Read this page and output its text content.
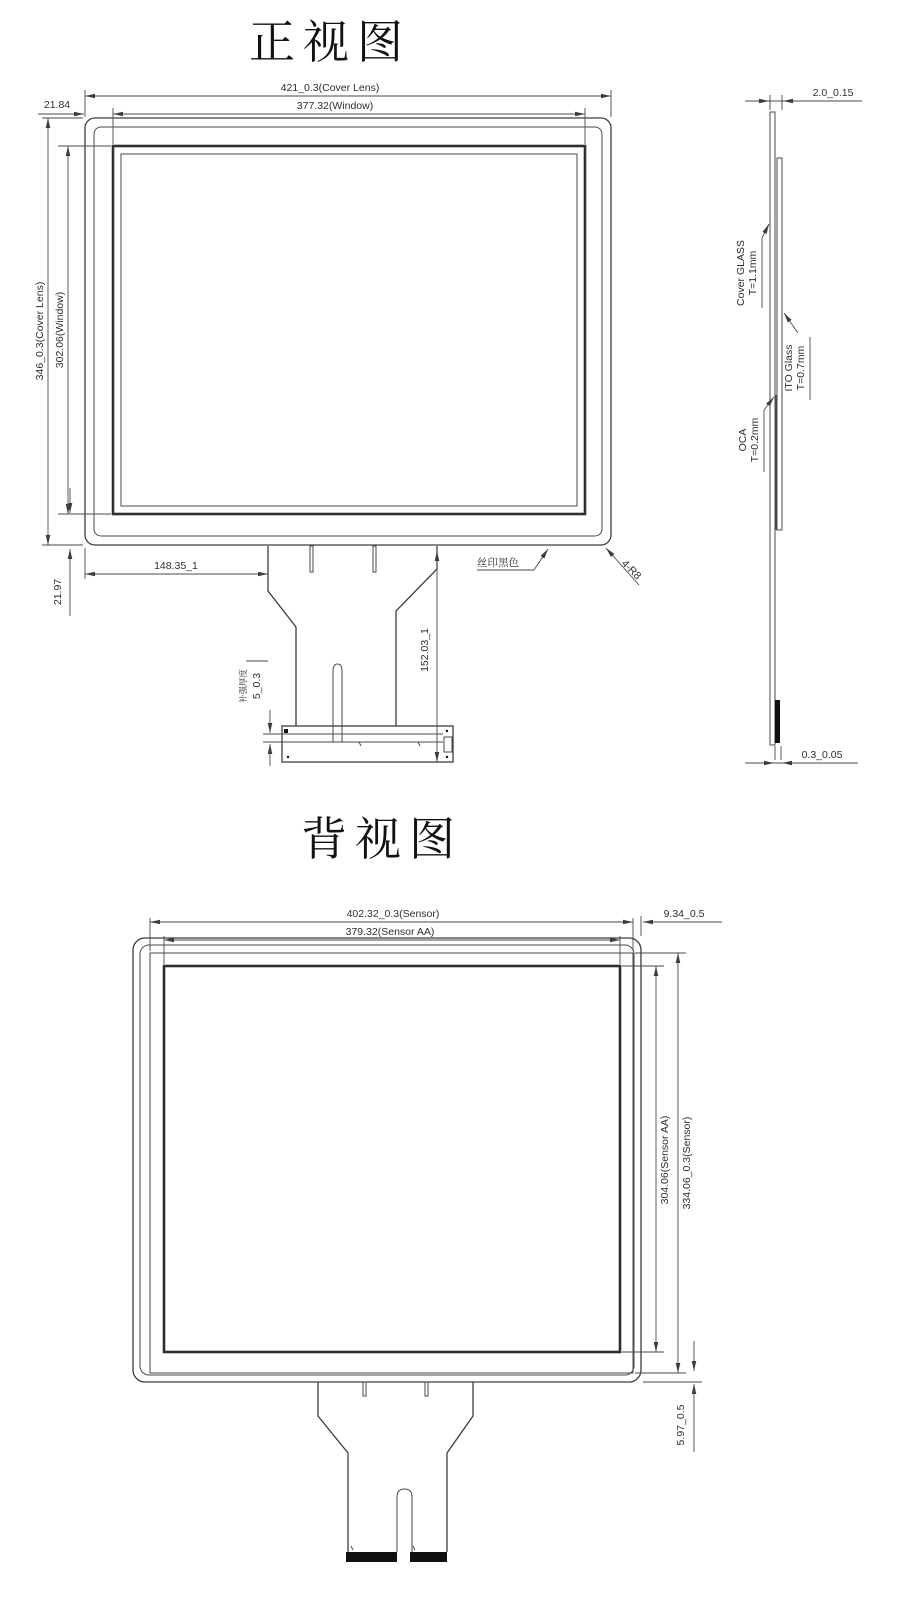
正视图
421_0.3(Cover Lens)
377.32(Window)
21.84
346_0.3(Cover Lens) 302.06(Window)
21.97
148.35_1
152.03_1
补强厚度 5_0.3
丝印黑色	4-R8
2.0_0.15
Cover GLASS T=1.1mm
ITO Glass T=0.7mm
OCA T=0.2mm
0.3_0.05
背视图
402.32_0.3(Sensor)
379.32(Sensor AA)
9.34_0.5
304.06(Sensor AA) 334.06_0.3(Sensor)
5.97_0.5
